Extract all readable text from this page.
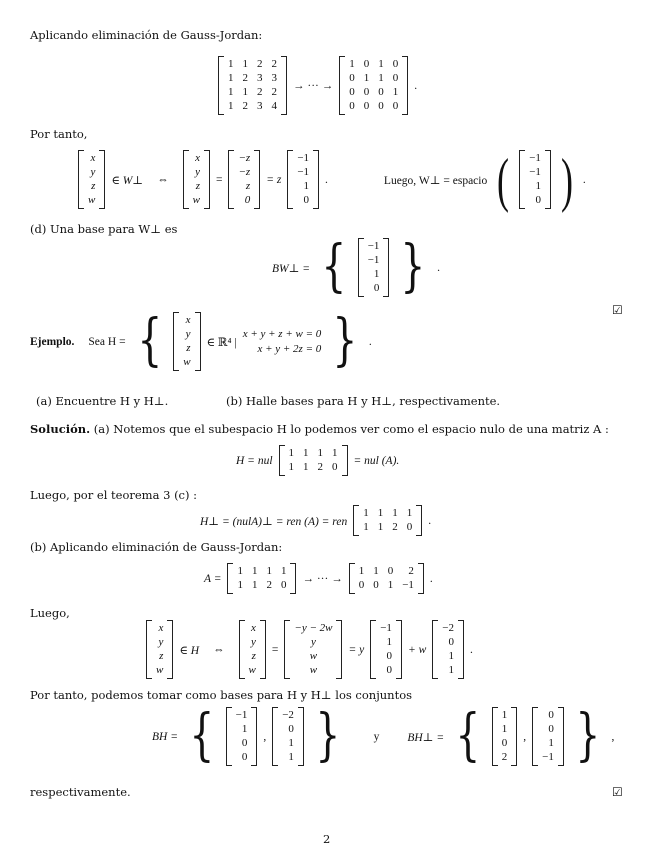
Aplicando eliminación de Gauss-Jordan:
1 1 2 2
1 2 3 3
1 1 2 2
1 2 3 4
→ ··· →
1 0 1 0
0 1 1 0
0 0 0 1
0 0 0 0
.
Por tanto,
x
y
z
w
∈ W⊥ ⇔
x
y
z
w
=
−z
−z
z
0
= z
−1
−1
1
0
.	Luego, W⊥ = espacio ( −1
−1
1
0 ) .
(d) Una base para W⊥ es
BW⊥ = { −1
−1
1
0 } .
☑
Ejemplo. Sea H = { x
y
z
w
∈ ℝ⁴ |
x + y + z + w = 0
x + y + 2z = 0 } .
(a) Encuentre H y H⊥.	(b) Halle bases para H y H⊥, respectivamente.
Solución. (a) Notemos que el subespacio H lo podemos ver como el espacio nulo de una matriz A :
H = nul
1 1 1 1
1 1 2 0
= nul (A).
Luego, por el teorema 3 (c) :
H⊥ = (nulA)⊥ = ren (A) = ren
1 1 1 1
1 1 2 0
.
(b) Aplicando eliminación de Gauss-Jordan:
A =
1 1 1 1
1 1 2 0
→ ··· →
1 1 0	2
0 0 1 −1
.
Luego,
x
y
z
w
∈ H ⇔
x
y
z
w
=
−y − 2w
y
w
w
= y
−1
1
0
0
+ w
−2
0
1
1
.
Por tanto, podemos tomar como bases para H y H⊥ los conjuntos
BH = { −1
1
0
0
,
−2
0
1
1 }	y BH⊥ = { 1
1
0
2
,
0
0
1
−1 } ,
respectivamente.	☑
2
